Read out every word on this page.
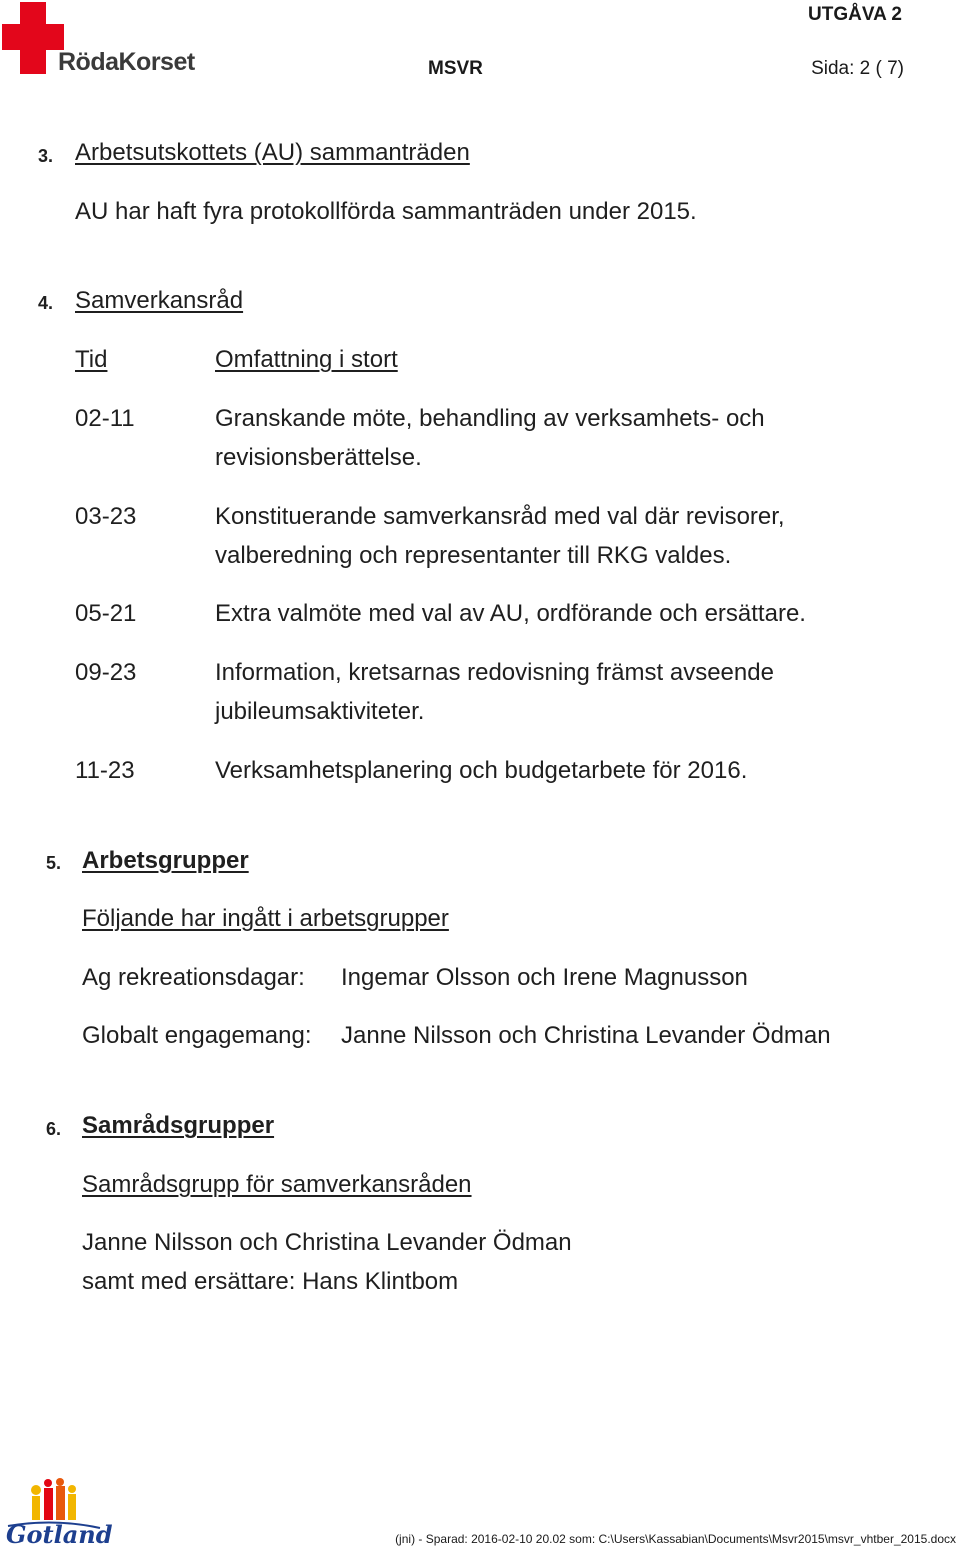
RödaKorset
UTGÅVA 2
MSVR	Sida: 2 ( 7)
3. Arbetsutskottets (AU) sammanträden
AU har haft fyra protokollförda sammanträden under 2015.
4. Samverkansråd
Tid	Omfattning i stort
02-11	Granskande möte, behandling av verksamhets- och
revisionsberättelse.
03-23	Konstituerande samverkansråd med val där revisorer,
valberedning och representanter till RKG valdes.
05-21	Extra valmöte med val av AU, ordförande och ersättare.
09-23	Information, kretsarnas redovisning främst avseende
jubileumsaktiviteter.
11-23	Verksamhetsplanering och budgetarbete för 2016.
5. Arbetsgrupper
Följande har ingått i arbetsgrupper
Ag rekreationsdagar: Ingemar Olsson och Irene Magnusson
Globalt engagemang: Janne Nilsson och Christina Levander Ödman
6. Samrådsgrupper
Samrådsgrupp för samverkansråden
Janne Nilsson och Christina Levander Ödman
samt med ersättare: Hans Klintbom
Gotland	(jni) - Sparad: 2016-02-10 20.02 som: C:\Users\Kassabian\Documents\Msvr2015\msvr_vhtber_2015.docx
